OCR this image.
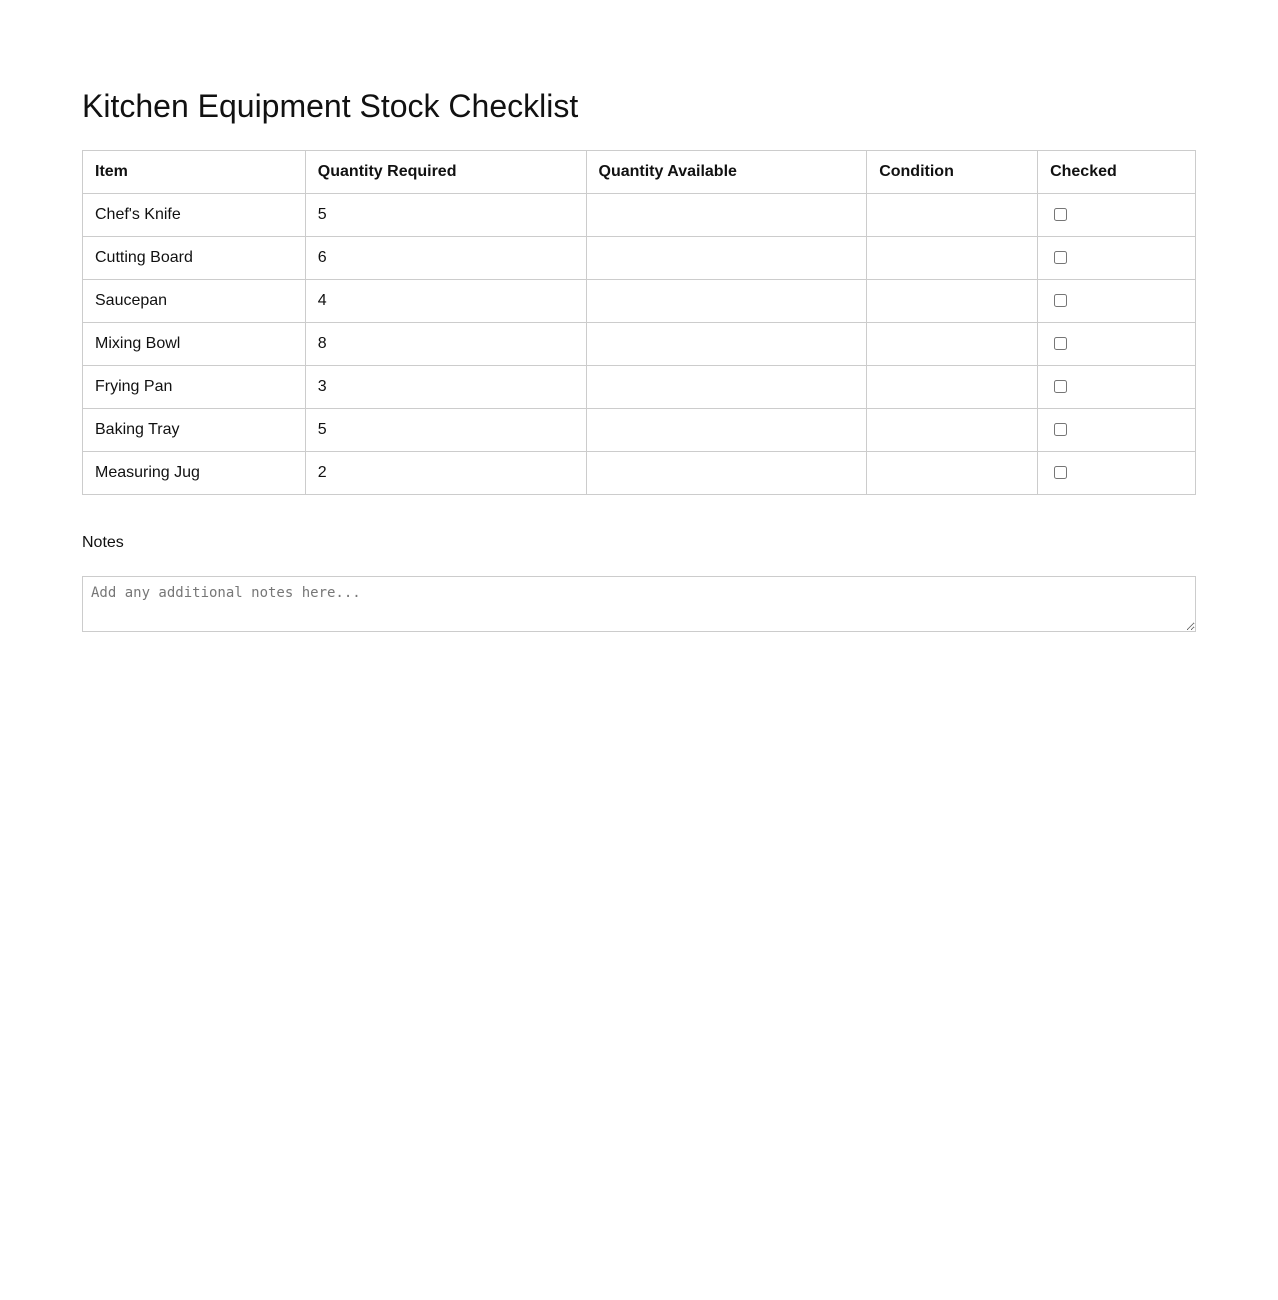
Kitchen Equipment Stock Checklist
Item	Quantity Required	Quantity Available	Condition	Checked
Chef's Knife	5			
Cutting Board	6			
Saucepan	4			
Mixing Bowl	8			
Frying Pan	3			
Baking Tray	5			
Measuring Jug	2			
Notes
Add any additional notes here...
